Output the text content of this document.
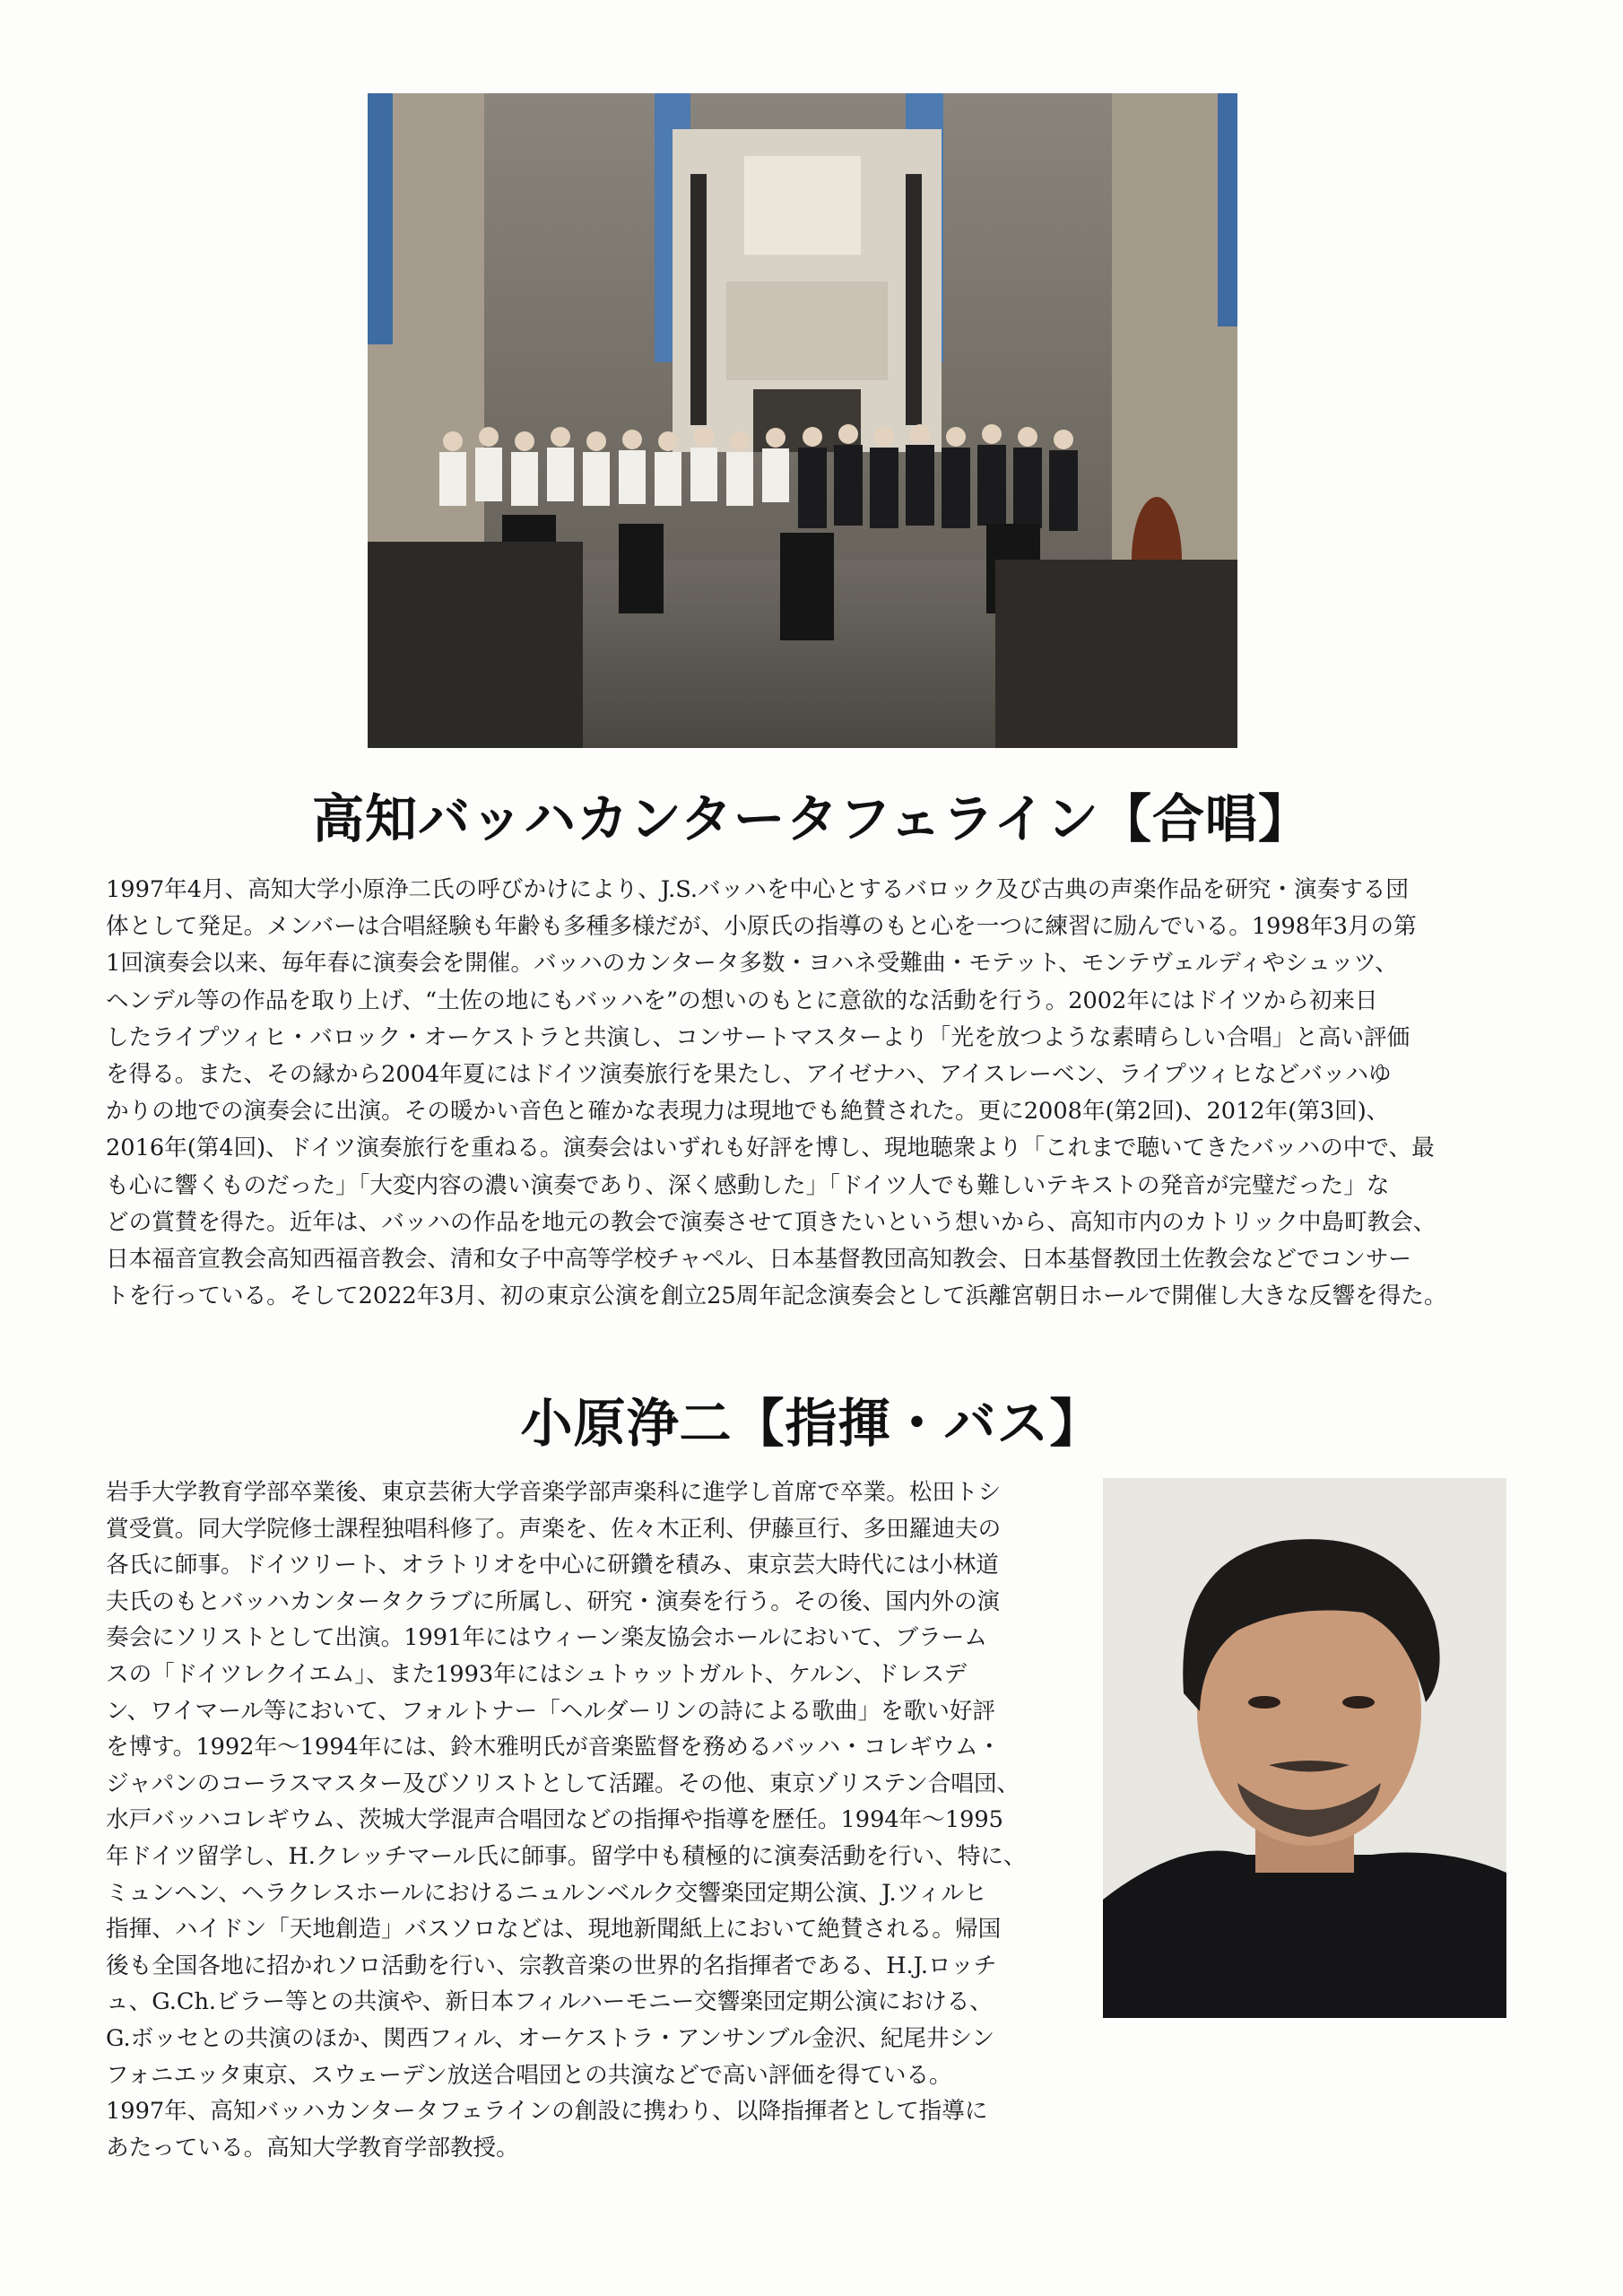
高知バッハカンタータフェライン【合唱】
1997年4月、高知大学小原浄二氏の呼びかけにより、J.S.バッハを中心とするバロック及び古典の声楽作品を研究・演奏する団
体として発足。メンバーは合唱経験も年齢も多種多様だが、小原氏の指導のもと心を一つに練習に励んでいる。1998年3月の第
1回演奏会以来、毎年春に演奏会を開催。バッハのカンタータ多数・ヨハネ受難曲・モテット、モンテヴェルディやシュッツ、
ヘンデル等の作品を取り上げ、“土佐の地にもバッハを”の想いのもとに意欲的な活動を行う。2002年にはドイツから初来日
したライプツィヒ・バロック・オーケストラと共演し、コンサートマスターより「光を放つような素晴らしい合唱」と高い評価
を得る。また、その縁から2004年夏にはドイツ演奏旅行を果たし、アイゼナハ、アイスレーベン、ライプツィヒなどバッハゆ
かりの地での演奏会に出演。その暖かい音色と確かな表現力は現地でも絶賛された。更に2008年(第2回)、2012年(第3回)、
2016年(第4回)、ドイツ演奏旅行を重ねる。演奏会はいずれも好評を博し、現地聴衆より「これまで聴いてきたバッハの中で、最
も心に響くものだった」「大変内容の濃い演奏であり、深く感動した」「ドイツ人でも難しいテキストの発音が完璧だった」な
どの賞賛を得た。近年は、バッハの作品を地元の教会で演奏させて頂きたいという想いから、高知市内のカトリック中島町教会、
日本福音宣教会高知西福音教会、清和女子中高等学校チャペル、日本基督教団高知教会、日本基督教団土佐教会などでコンサー
トを行っている。そして2022年3月、初の東京公演を創立25周年記念演奏会として浜離宮朝日ホールで開催し大きな反響を得た。
小原浄二【指揮・バス】
岩手大学教育学部卒業後、東京芸術大学音楽学部声楽科に進学し首席で卒業。松田トシ
賞受賞。同大学院修士課程独唱科修了。声楽を、佐々木正利、伊藤亘行、多田羅迪夫の
各氏に師事。ドイツリート、オラトリオを中心に研鑽を積み、東京芸大時代には小林道
夫氏のもとバッハカンタータクラブに所属し、研究・演奏を行う。その後、国内外の演
奏会にソリストとして出演。1991年にはウィーン楽友協会ホールにおいて、ブラーム
スの「ドイツレクイエム」、また1993年にはシュトゥットガルト、ケルン、ドレスデ
ン、ワイマール等において、フォルトナー「ヘルダーリンの詩による歌曲」を歌い好評
を博す。1992年～1994年には、鈴木雅明氏が音楽監督を務めるバッハ・コレギウム・
ジャパンのコーラスマスター及びソリストとして活躍。その他、東京ゾリステン合唱団、
水戸バッハコレギウム、茨城大学混声合唱団などの指揮や指導を歴任。1994年～1995
年ドイツ留学し、H.クレッチマール氏に師事。留学中も積極的に演奏活動を行い、特に、
ミュンヘン、ヘラクレスホールにおけるニュルンベルク交響楽団定期公演、J.ツィルヒ
指揮、ハイドン「天地創造」バスソロなどは、現地新聞紙上において絶賛される。帰国
後も全国各地に招かれソロ活動を行い、宗教音楽の世界的名指揮者である、H.J.ロッチ
ュ、G.Ch.ビラー等との共演や、新日本フィルハーモニー交響楽団定期公演における、
G.ボッセとの共演のほか、関西フィル、オーケストラ・アンサンブル金沢、紀尾井シン
フォニエッタ東京、スウェーデン放送合唱団との共演などで高い評価を得ている。
1997年、高知バッハカンタータフェラインの創設に携わり、以降指揮者として指導に
あたっている。高知大学教育学部教授。
